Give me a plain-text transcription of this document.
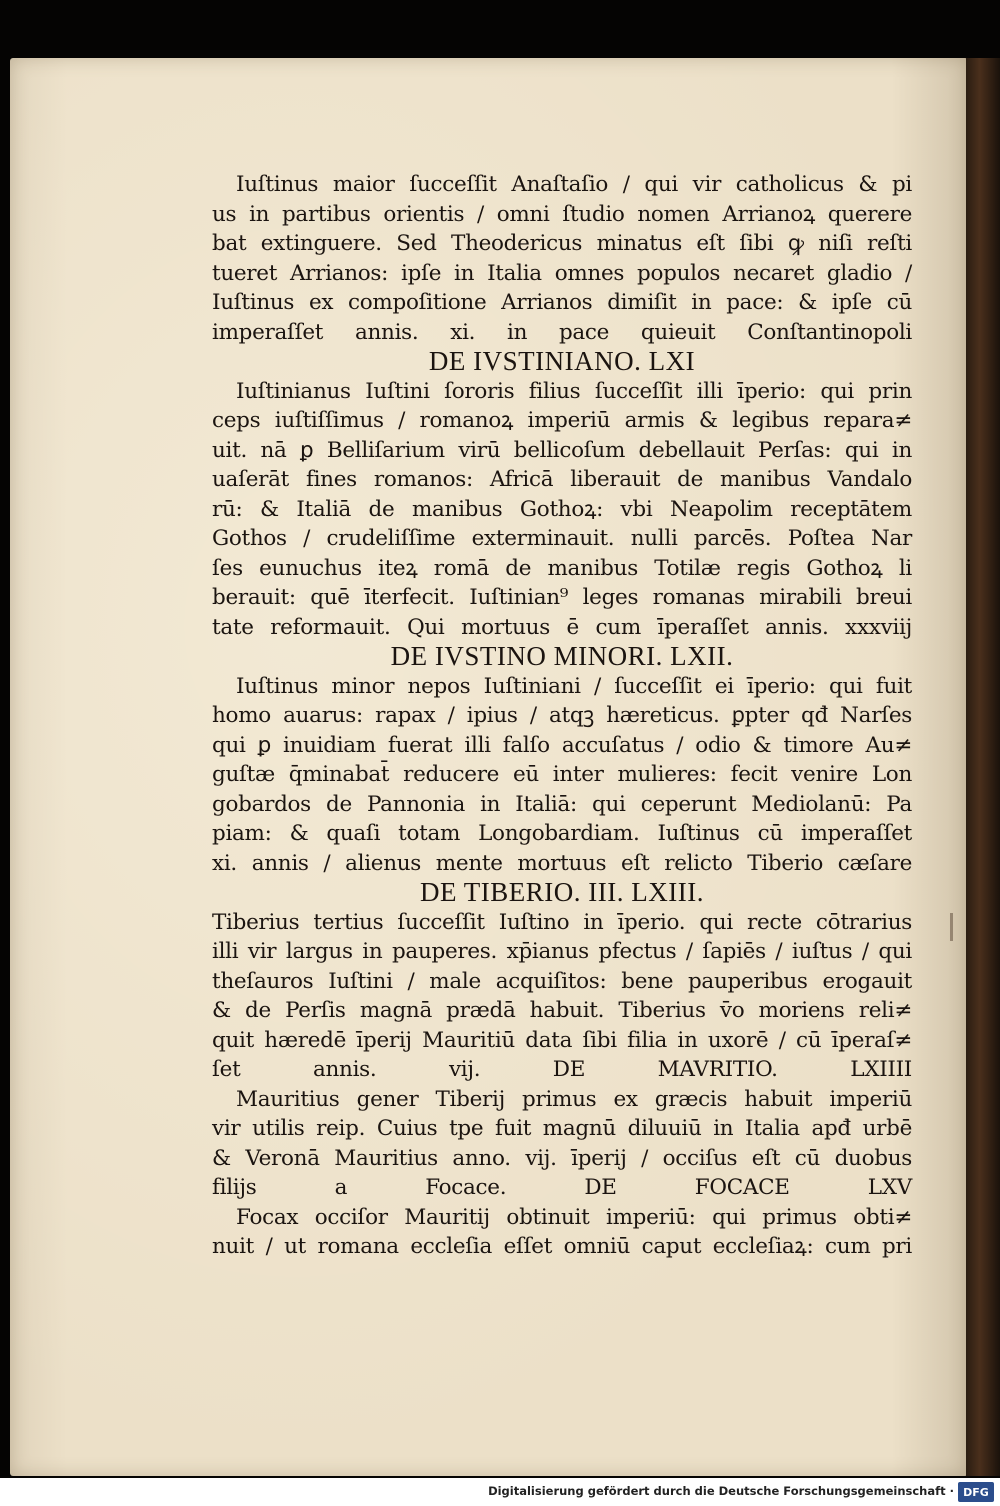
Iuſtinus maior ſucceſſit Anaſtaſio / qui vir catholicus & pi
us in partibus orientis / omni ſtudio nomen Arrianoꝝ querere
bat extinguere. Sed Theodericus minatus eſt ſibi ꝙ niſi reſti
tueret Arrianos: ipſe in Italia omnes populos necaret gladio /
Iuſtinus ex compoſitione Arrianos dimiſit in pace: & ipſe cū
imperaſſet annis. xi. in pace quieuit Conſtantinopoli
DE IVSTINIANO. LXI
Iuſtinianus Iuſtini ſororis filius ſucceſſit illi īperio: qui prin
ceps iuſtiſſimus / romanoꝝ imperiū armis & legibus repara≠
uit. nā ꝑ Belliſarium virū bellicoſum debellauit Perſas: qui in
uaſerāt fines romanos: Africā liberauit de manibus Vandalo
rū: & Italiā de manibus Gothoꝝ: vbi Neapolim receptātem
Gothos / crudeliſſime exterminauit. nulli parcēs. Poſtea Nar
ſes eunuchus iteꝝ romā de manibus Totilæ regis Gothoꝝ li
berauit: quē īterfecit. Iuſtinian⁹ leges romanas mirabili breui
tate reformauit. Qui mortuus ē cum īperaſſet annis. xxxviij
DE IVSTINO MINORI. LXII.
Iuſtinus minor nepos Iuſtiniani / ſucceſſit ei īperio: qui fuit
homo auarus: rapax / ipius / atqꝫ hæreticus. ꝑpter qđ Narſes
qui ꝑ inuidiam fuerat illi falſo accuſatus / odio & timore Au≠
guſtæ q̄minabat̄ reducere eū inter mulieres: fecit venire Lon
gobardos de Pannonia in Italiā: qui ceperunt Mediolanū: Pa
piam: & quaſi totam Longobardiam. Iuſtinus cū imperaſſet
xi. annis / alienus mente mortuus eſt relicto Tiberio cæſare
DE TIBERIO. III. LXIII.
Tiberius tertius ſucceſſit Iuſtino in īperio. qui recte cōtrarius
illi vir largus in pauperes. xp̄ianus pfectus / ſapiēs / iuſtus / qui
theſauros Iuſtini / male acquiſitos: bene pauperibus erogauit
& de Perſis magnā prædā habuit. Tiberius v̄o moriens reli≠
quit hæredē īperij Mauritiū data ſibi filia in uxorē / cū īperaſ≠
ſet annis. vij. DE MAVRITIO. LXIIII
Mauritius gener Tiberij primus ex græcis habuit imperiū
vir utilis reip. Cuius tpe fuit magnū diluuiū in Italia apđ urbē
& Veronā Mauritius anno. vij. īperij / occiſus eſt cū duobus
filijs a Focace. DE FOCACE LXV
Focax occiſor Mauritij obtinuit imperiū: qui primus obti≠
nuit / ut romana eccleſia eſſet omniū caput eccleſiaꝝ: cum pri
Digitalisierung gefördert durch die Deutsche Forschungsgemeinschaft · DFG
